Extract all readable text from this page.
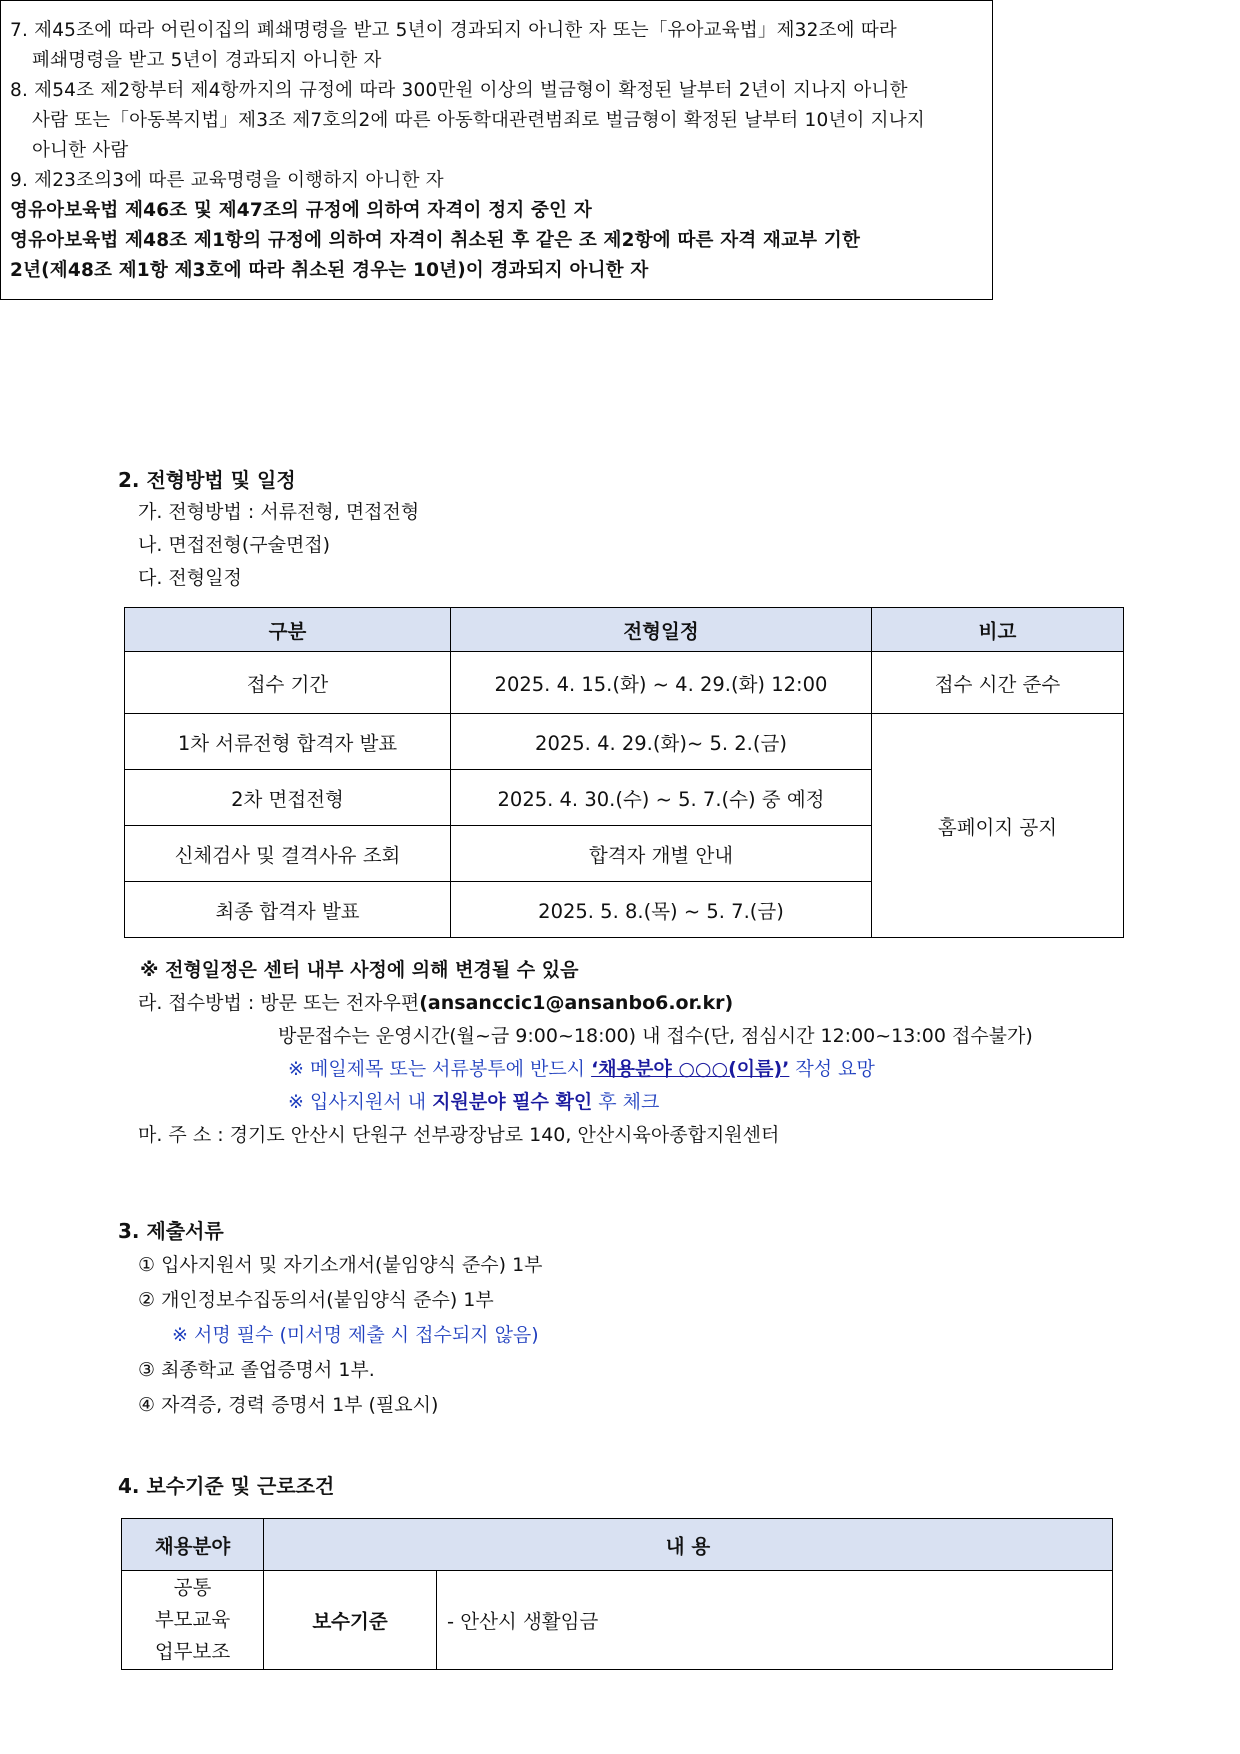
7. 제45조에 따라 어린이집의 폐쇄명령을 받고 5년이 경과되지 아니한 자 또는「유아교육법」제32조에 따라
폐쇄명령을 받고 5년이 경과되지 아니한 자
8. 제54조 제2항부터 제4항까지의 규정에 따라 300만원 이상의 벌금형이 확정된 날부터 2년이 지나지 아니한
사람 또는「아동복지법」제3조 제7호의2에 따른 아동학대관련범죄로 벌금형이 확정된 날부터 10년이 지나지
아니한 사람
9. 제23조의3에 따른 교육명령을 이행하지 아니한 자
영유아보육법 제46조 및 제47조의 규정에 의하여 자격이 정지 중인 자
영유아보육법 제48조 제1항의 규정에 의하여 자격이 취소된 후 같은 조 제2항에 따른 자격 재교부 기한
2년(제48조 제1항 제3호에 따라 취소된 경우는 10년)이 경과되지 아니한 자
2. 전형방법 및 일정
가. 전형방법 : 서류전형, 면접전형
나. 면접전형(구술면접)
다. 전형일정
구분	전형일정	비고
접수 기간	2025. 4. 15.(화) ~ 4. 29.(화) 12:00	접수 시간 준수
1차 서류전형 합격자 발표	2025. 4. 29.(화)~ 5. 2.(금)	홈페이지 공지
2차 면접전형	2025. 4. 30.(수) ~ 5. 7.(수) 중 예정	
신체검사 및 결격사유 조회	합격자 개별 안내	
최종 합격자 발표	2025. 5. 8.(목) ~ 5. 7.(금)	
※ 전형일정은 센터 내부 사정에 의해 변경될 수 있음
라. 접수방법 : 방문 또는 전자우편(ansanccic1@ansanbo6.or.kr)
방문접수는 운영시간(월~금 9:00~18:00) 내 접수(단, 점심시간 12:00~13:00 접수불가)
※ 메일제목 또는 서류봉투에 반드시 ‘채용분야 ○○○(이름)’ 작성 요망
※ 입사지원서 내 지원분야 필수 확인 후 체크
마. 주 소 : 경기도 안산시 단원구 선부광장남로 140, 안산시육아종합지원센터
3. 제출서류
① 입사지원서 및 자기소개서(붙임양식 준수) 1부
② 개인정보수집동의서(붙임양식 준수) 1부
※ 서명 필수 (미서명 제출 시 접수되지 않음)
③ 최종학교 졸업증명서 1부.
④ 자격증, 경력 증명서 1부 (필요시)
4. 보수기준 및 근로조건
채용분야	내 용	

공통
부모교육
업무보조	보수기준	- 안산시 생활임금
